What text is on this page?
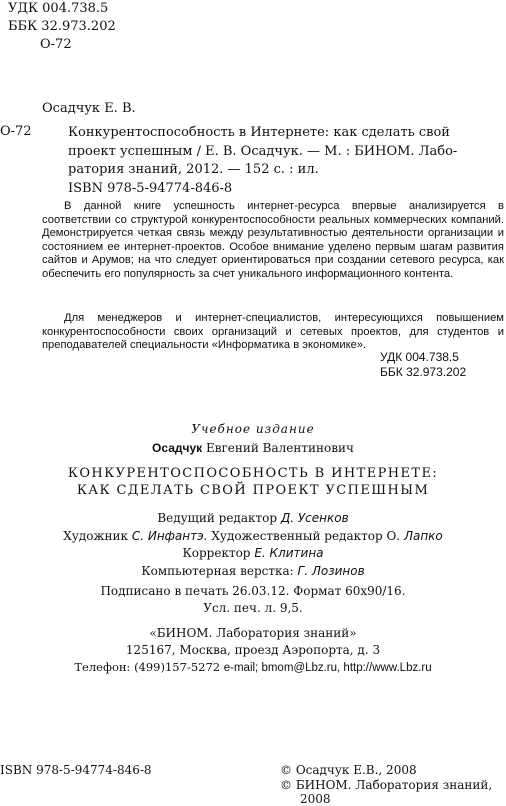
УДК 004.738.5
ББК 32.973.202
О-72
Осадчук Е. В.
О-72	Конкурентоспособность в Интернете: как сделать свой
проект успешным / Е. В. Осадчук. — М. : БИНОМ. Лабо-
ратория знаний, 2012. — 152 с. : ил.
ISBN 978-5-94774-846-8

В данной книге успешность интернет-ресурса впервые анализируется в соответствии со структурой конкурентоспособности реальных коммерческих компаний. Демонстрируется четкая связь между результативностью деятельности организации и состоянием ее интернет-проектов. Особое внимание уделено первым шагам развития сайтов и Арумов; на что следует ориентироваться при создании сетевого ресурса, как обеспечить его популярность за счет уникального информационного контента.

Для менеджеров и интернет-специалистов, интересующихся повышением конкурентоспособности своих организаций и сетевых проектов, для студентов и преподавателей специальности «Информатика в экономике».

УДК 004.738.5
ББК 32.973.202
Учебное издание
Осадчук Евгений Валентинович
КОНКУРЕНТОСПОСОБНОСТЬ В ИНТЕРНЕТЕ:
КАК СДЕЛАТЬ СВОЙ ПРОЕКТ УСПЕШНЫМ
Ведущий редактор Д. Усенков
Художник С. Инфантэ. Художественный редактор О. Лапко
Корректор Е. Клитина
Компьютерная верстка: Г. Лозинов
Подписано в печать 26.03.12. Формат 60х90/16.
Усл. печ. л. 9,5.
«БИНОМ. Лаборатория знаний»
125167, Москва, проезд Аэропорта, д. 3
Телефон: (499)157-5272 e-mail; bmom@Lbz.ru, http://www.Lbz.ru
ISBN 978-5-94774-846-8	© Осадчук Е.В., 2008
© БИНОМ. Лаборатория знаний,
2008
